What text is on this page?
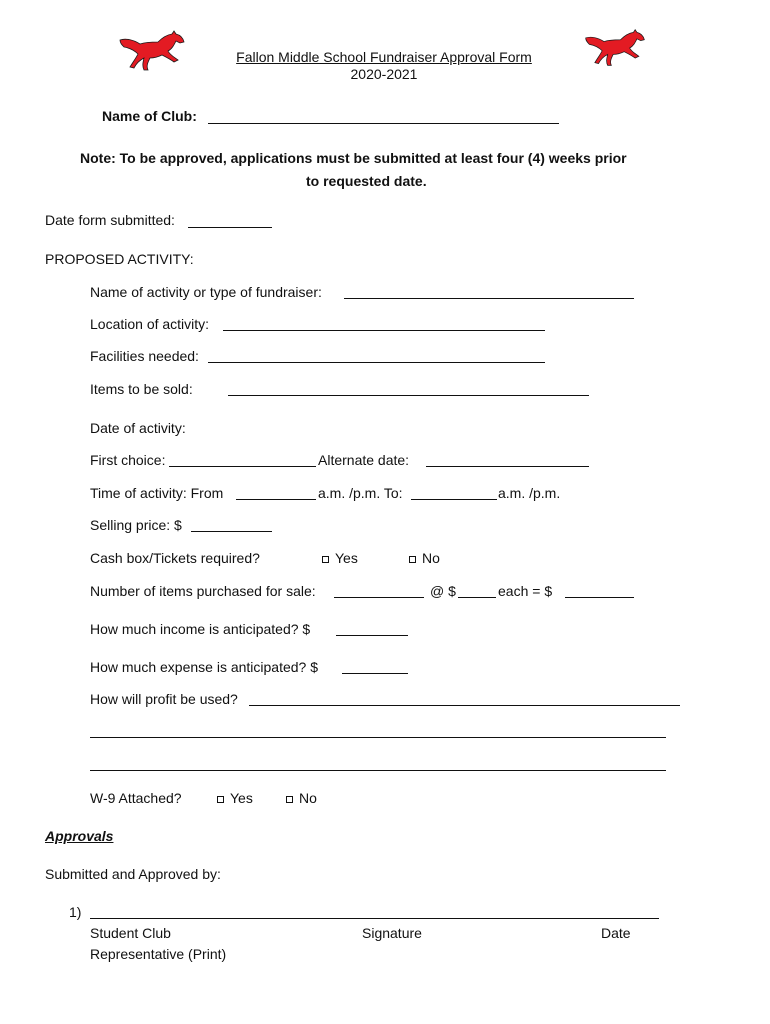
Fallon Middle School Fundraiser Approval Form
2020-2021
Name of Club:
Note: To be approved, applications must be submitted at least four (4) weeks prior
to requested date.
Date form submitted:
PROPOSED ACTIVITY:
Name of activity or type of fundraiser:
Location of activity:
Facilities needed:
Items to be sold:
Date of activity:
First choice:	Alternate date:
Time of activity: From	a.m. /p.m. To:	a.m. /p.m.
Selling price: $
Cash box/Tickets required?	Yes	No
Number of items purchased for sale:	@ $	each = $
How much income is anticipated? $
How much expense is anticipated? $
How will profit be used?
W-9 Attached?	Yes	No
Approvals
Submitted and Approved by:
1)
Student Club
Representative (Print)
Signature	Date
